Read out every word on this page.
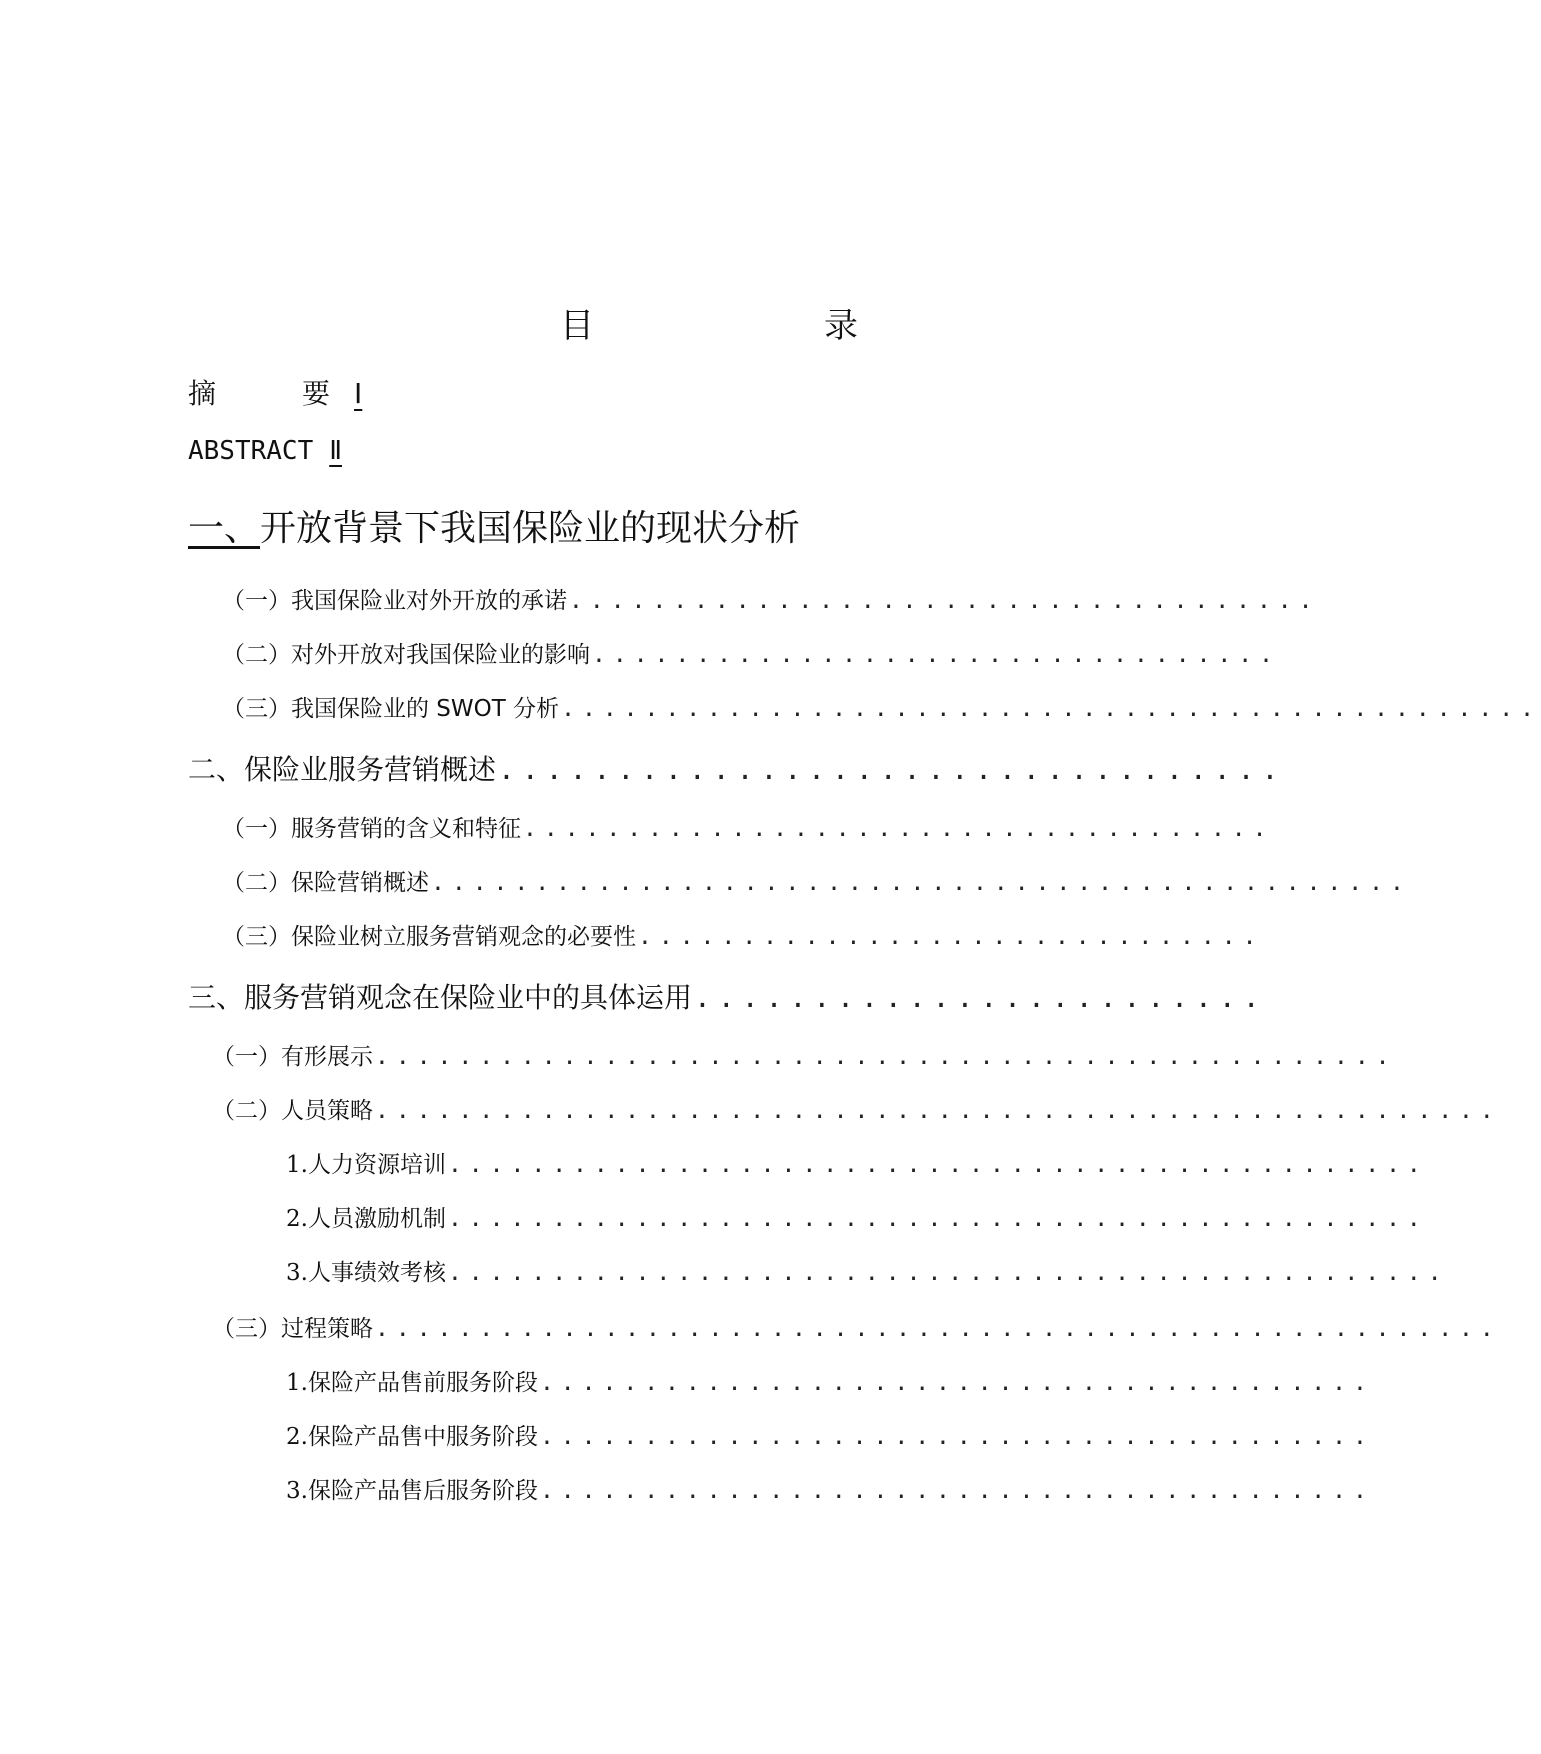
目　　录
摘　　要 Ⅰ
ABSTRACT Ⅱ
一、开放背景下我国保险业的现状分析
（一） 我国保险业对外开放的承诺 ....................................
（二） 对外开放对我国保险业的影响 .................................
（三） 我国保险业的 SWOT 分析 ...............................................
二、 保险业服务营销概述 .................................
（一） 服务营销的含义和特征 ....................................
（二） 保险营销概述 ...............................................
（三） 保险业树立服务营销观念的必要性 ..............................
三、 服务营销观念在保险业中的具体运用 ........................
（一） 有形展示 .................................................
（二） 人员策略 ......................................................
1. 人力资源培训 ...............................................
2. 人员激励机制 ...............................................
3. 人事绩效考核 ................................................
（三） 过程策略 ......................................................
1. 保险产品售前服务阶段 ........................................
2. 保险产品售中服务阶段 ........................................
3. 保险产品售后服务阶段 ........................................
